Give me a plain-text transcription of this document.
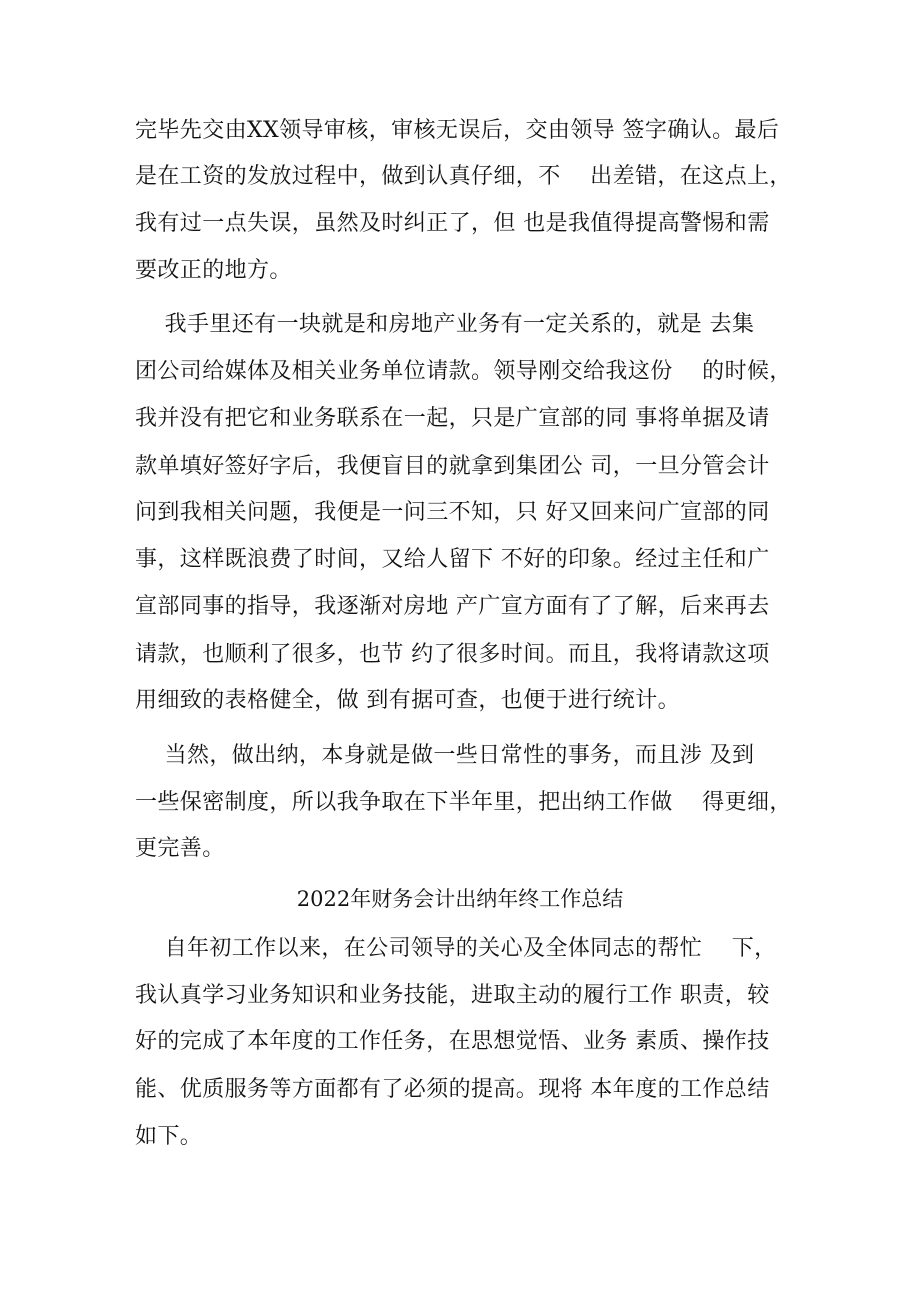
完毕先交由XX领导审核，审核无误后，交由领导 签字确认。最后
是在工资的发放过程中，做到认真仔细，不    出差错，在这点上，
我有过一点失误，虽然及时纠正了，但 也是我值得提高警惕和需
要改正的地方。
我手里还有一块就是和房地产业务有一定关系的，就是 去集
团公司给媒体及相关业务单位请款。领导刚交给我这份    的时候，
我并没有把它和业务联系在一起，只是广宣部的同 事将单据及请
款单填好签好字后，我便盲目的就拿到集团公 司，一旦分管会计
问到我相关问题，我便是一问三不知，只 好又回来问广宣部的同
事，这样既浪费了时间，又给人留下 不好的印象。经过主任和广
宣部同事的指导，我逐渐对房地 产广宣方面有了了解，后来再去
请款，也顺利了很多，也节 约了很多时间。而且，我将请款这项
用细致的表格健全，做 到有据可查，也便于进行统计。
当然，做出纳，本身就是做一些日常性的事务，而且涉 及到
一些保密制度，所以我争取在下半年里，把出纳工作做    得更细，
更完善。
2022年财务会计出纳年终工作总结
自年初工作以来，在公司领导的关心及全体同志的帮忙    下，
我认真学习业务知识和业务技能，进取主动的履行工作 职责，较
好的完成了本年度的工作任务，在思想觉悟、业务 素质、操作技
能、优质服务等方面都有了必须的提高。现将 本年度的工作总结
如下。
